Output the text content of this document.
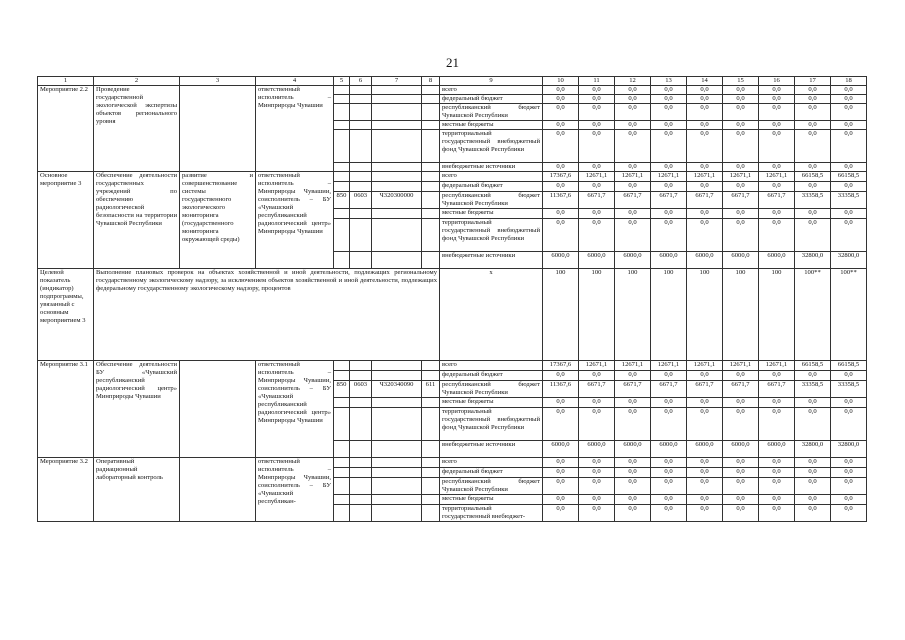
21
1	2	3	4	5	6	7	8	9	10	11	12	13	14	15	16	17	18
Мероприятие 2.2	Проведение государственной экологической экспертизы объектов регионального уровня		ответственный исполнитель – Минприроды Чувашии					всего	0,0	0,0	0,0	0,0	0,0	0,0	0,0	0,0	0,0
								федеральный бюджет	0,0	0,0	0,0	0,0	0,0	0,0	0,0	0,0	0,0
								республиканский бюджет Чувашской Республики	0,0	0,0	0,0	0,0	0,0	0,0	0,0	0,0	0,0
								местные бюджеты	0,0	0,0	0,0	0,0	0,0	0,0	0,0	0,0	0,0
								территориальный государственный внебюджетный фонд Чувашской Республики	0,0	0,0	0,0	0,0	0,0	0,0	0,0	0,0	0,0
								внебюджетные источники	0,0	0,0	0,0	0,0	0,0	0,0	0,0	0,0	0,0
Основное мероприятие 3	Обеспечение деятельности государственных учреждений по обеспечению радиологической безопасности на территории Чувашской Республики	развитие и совершенствование системы государственного экологического мониторинга (государственного мониторинга окружающей среды)	ответственный исполнитель – Минприроды Чувашии, соисполнитель – БУ «Чувашский республиканский радиологический центр» Минприроды Чувашии					всего	17367,6	12671,1	12671,1	12671,1	12671,1	12671,1	12671,1	66158,5	66158,5
								федеральный бюджет	0,0	0,0	0,0	0,0	0,0	0,0	0,0	0,0	0,0
				850	0603	Ч320300000		республиканский бюджет Чувашской Республики	11367,6	6671,7	6671,7	6671,7	6671,7	6671,7	6671,7	33358,5	33358,5
								местные бюджеты	0,0	0,0	0,0	0,0	0,0	0,0	0,0	0,0	0,0
								территориальный государственный внебюджетный фонд Чувашской Республики	0,0	0,0	0,0	0,0	0,0	0,0	0,0	0,0	0,0
								внебюджетные источники	6000,0	6000,0	6000,0	6000,0	6000,0	6000,0	6000,0	32800,0	32800,0
Целевой показатель (индикатор) подпрограммы, увязанный с основным мероприятием 3	Выполнение плановых проверок на объектах хозяйственной и иной деятельности, подлежащих региональному государственному экологическому надзору, за исключением объектов хозяйственной и иной деятельности, подлежащих федеральному государственному экологическому надзору, процентов							х	100	100	100	100	100	100	100	100**	100**
Мероприятие 3.1	Обеспечение деятельности БУ «Чувашский республиканский радиологический центр» Минприроды Чувашии		ответственный исполнитель – Минприроды Чувашии, соисполнитель – БУ «Чувашский республиканский радиологический центр» Минприроды Чувашии					всего	17367,6	12671,1	12671,1	12671,1	12671,1	12671,1	12671,1	66158,5	66158,5
								федеральный бюджет	0,0	0,0	0,0	0,0	0,0	0,0	0,0	0,0	0,0
				850	0603	Ч320340090	611	республиканский бюджет Чувашской Республики	11367,6	6671,7	6671,7	6671,7	6671,7	6671,7	6671,7	33358,5	33358,5
								местные бюджеты	0,0	0,0	0,0	0,0	0,0	0,0	0,0	0,0	0,0
								территориальный государственный внебюджетный фонд Чувашской Республики	0,0	0,0	0,0	0,0	0,0	0,0	0,0	0,0	0,0
								внебюджетные источники	6000,0	6000,0	6000,0	6000,0	6000,0	6000,0	6000,0	32800,0	32800,0
Мероприятие 3.2	Оперативный радиационный лабораторный контроль		ответственный исполнитель – Минприроды Чувашии, соисполнитель – БУ «Чувашский республикан-					всего	0,0	0,0	0,0	0,0	0,0	0,0	0,0	0,0	0,0
								федеральный бюджет	0,0	0,0	0,0	0,0	0,0	0,0	0,0	0,0	0,0
								республиканский бюджет Чувашской Республики	0,0	0,0	0,0	0,0	0,0	0,0	0,0	0,0	0,0
								местные бюджеты	0,0	0,0	0,0	0,0	0,0	0,0	0,0	0,0	0,0
								территориальный государственный внебюджет-	0,0	0,0	0,0	0,0	0,0	0,0	0,0	0,0	0,0
